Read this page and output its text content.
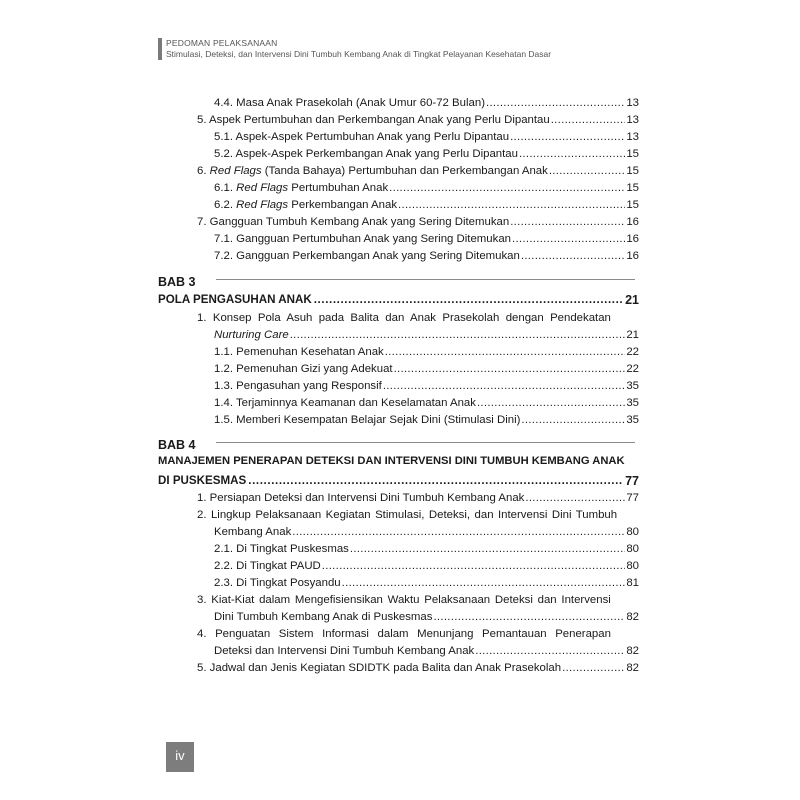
PEDOMAN PELAKSANAAN
Stimulasi, Deteksi, dan Intervensi Dini Tumbuh Kembang Anak di Tingkat Pelayanan Kesehatan Dasar
4.4. Masa Anak Prasekolah (Anak Umur 60-72 Bulan) .....	13
5. Aspek Pertumbuhan dan Perkembangan Anak yang Perlu Dipantau .....	13
5.1. Aspek-Aspek Pertumbuhan Anak yang Perlu Dipantau .....	13
5.2. Aspek-Aspek Perkembangan Anak yang Perlu Dipantau .....	15
6. Red Flags (Tanda Bahaya) Pertumbuhan dan Perkembangan Anak .....	15
6.1. Red Flags Pertumbuhan Anak .....	15
6.2. Red Flags Perkembangan Anak .....	15
7. Gangguan Tumbuh Kembang Anak yang Sering Ditemukan .....	16
7.1. Gangguan Pertumbuhan Anak yang Sering Ditemukan .....	16
7.2. Gangguan Perkembangan Anak yang Sering Ditemukan .....	16
BAB 3
POLA PENGASUHAN ANAK .....	21
1. Konsep Pola Asuh pada Balita dan Anak Prasekolah dengan Pendekatan
Nurturing Care .....	21
1.1. Pemenuhan Kesehatan Anak .....	22
1.2. Pemenuhan Gizi yang Adekuat .....	22
1.3. Pengasuhan yang Responsif .....	35
1.4. Terjaminnya Keamanan dan Keselamatan Anak .....	35
1.5. Memberi Kesempatan Belajar Sejak Dini (Stimulasi Dini) .....	35
BAB 4
MANAJEMEN PENERAPAN DETEKSI DAN INTERVENSI DINI TUMBUH KEMBANG ANAK
DI PUSKESMAS .....	77
1. Persiapan Deteksi dan Intervensi Dini Tumbuh Kembang Anak .....	77
2. Lingkup Pelaksanaan Kegiatan Stimulasi, Deteksi, dan Intervensi Dini Tumbuh
Kembang Anak .....	80
2.1. Di Tingkat Puskesmas .....	80
2.2. Di Tingkat PAUD .....	80
2.3. Di Tingkat Posyandu .....	81
3. Kiat-Kiat dalam Mengefisiensikan Waktu Pelaksanaan Deteksi dan Intervensi
Dini Tumbuh Kembang Anak di Puskesmas .....	82
4. Penguatan Sistem Informasi dalam Menunjang Pemantauan Penerapan
Deteksi dan Intervensi Dini Tumbuh Kembang Anak .....	82
5. Jadwal dan Jenis Kegiatan SDIDTK pada Balita dan Anak Prasekolah .....	82
iv
